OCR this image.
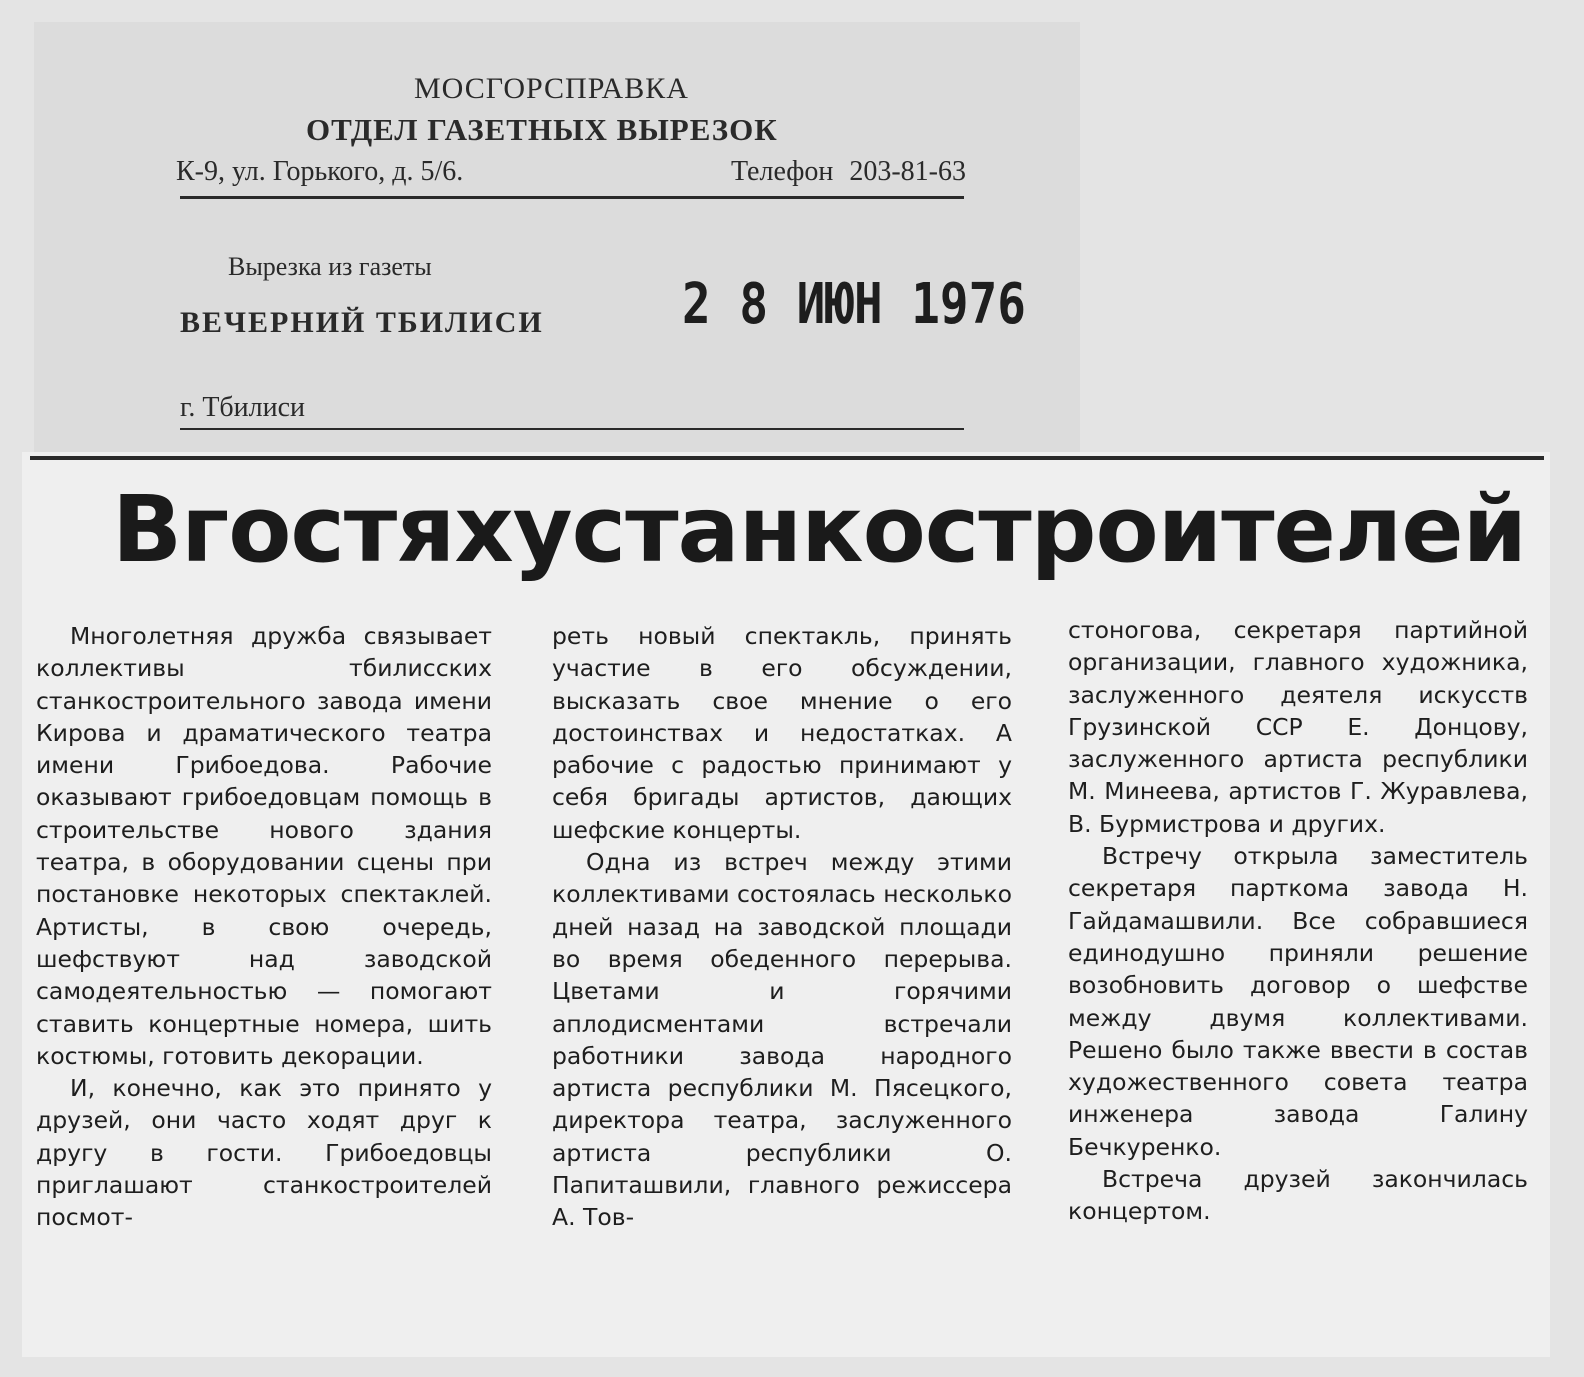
МОСГОРСПРАВКА
ОТДЕЛ ГАЗЕТНЫХ ВЫРЕЗОК
К-9, ул. Горького, д. 5/6.	Телефон 203-81-63
Вырезка из газеты
ВЕЧЕРНИЙ ТБИЛИСИ 2 8 ИЮН 1976
г. Тбилиси
В гостях у станкостроителей

Многолетняя дружба связывает коллективы тбилисских станкостроительного завода имени Кирова и драматического театра имени Грибоедова. Рабочие оказывают грибоедовцам помощь в строительстве нового здания театра, в оборудовании сцены при постановке некоторых спектаклей. Артисты, в свою очередь, шефствуют над заводской самодеятельностью — помогают ставить концертные номера, шить костюмы, готовить декорации.

И, конечно, как это принято у друзей, они часто ходят друг к другу в гости. Грибоедовцы приглашают станкостроителей посмот-

реть новый спектакль, принять участие в его обсуждении, высказать свое мнение о его достоинствах и недостатках. А рабочие с радостью принимают у себя бригады артистов, дающих шефские концерты.

Одна из встреч между этими коллективами состоялась несколько дней назад на заводской площади во время обеденного перерыва. Цветами и горячими аплодисментами встречали работники завода народного артиста республики М. Пясецкого, директора театра, заслуженного артиста республики О. Папиташвили, главного режиссера А. Тов-

стоногова, секретаря партийной организации, главного художника, заслуженного деятеля искусств Грузинской ССР Е. Донцову, заслуженного артиста республики М. Минеева, артистов Г. Журавлева, В. Бурмистрова и других.

Встречу открыла заместитель секретаря парткома завода Н. Гайдамашвили. Все собравшиеся единодушно приняли решение возобновить договор о шефстве между двумя коллективами. Решено было также ввести в состав художественного совета театра инженера завода Галину Бечкуренко.

Встреча друзей закончилась концертом.
